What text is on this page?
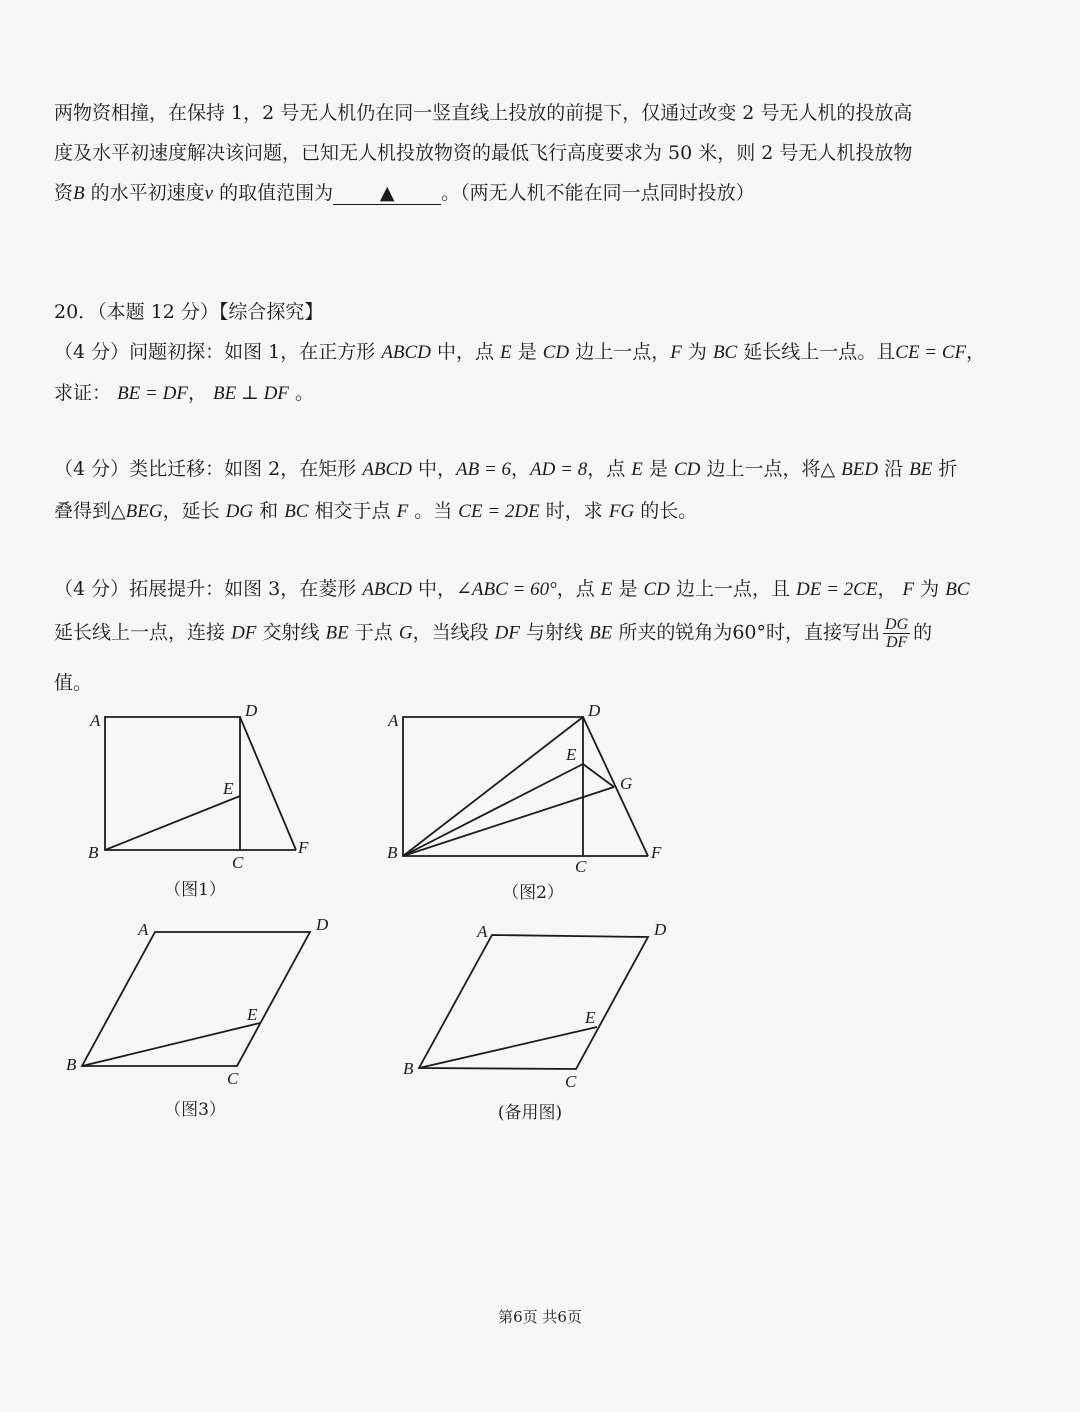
两物资相撞，在保持 1，2 号无人机仍在同一竖直线上投放的前提下，仅通过改变 2 号无人机的投放高
度及水平初速度解决该问题，已知无人机投放物资的最低飞行高度要求为 50 米，则 2 号无人机投放物
资B 的水平初速度v 的取值范围为 ▲ 。（两无人机不能在同一点同时投放）
20．（本题 12 分）【综合探究】
（4 分）问题初探：如图 1，在正方形 ABCD 中，点 E 是 CD 边上一点，F 为 BC 延长线上一点。且CE = CF，
求证： BE = DF， BE ⊥ DF 。
（4 分）类比迁移：如图 2，在矩形 ABCD 中，AB = 6，AD = 8，点 E 是 CD 边上一点，将△ BED 沿 BE 折
叠得到△BEG，延长 DG 和 BC 相交于点 F 。当 CE = 2DE 时，求 FG 的长。
（4 分）拓展提升：如图 3，在菱形 ABCD 中，∠ABC = 60°，点 E 是 CD 边上一点，且 DE = 2CE， F 为 BC
延长线上一点，连接 DF 交射线 BE 于点 G，当线段 DF 与射线 BE 所夹的锐角为60°时，直接写出 $\frac{DG}{DF}$ 的
值。
A
D
E
B
C
F
A
D
E
G
B
C
F
A	D
E
B
C
A	D
E
B
C
（图1）	（图2）
（图3）	(备用图)
第6页 共6页
